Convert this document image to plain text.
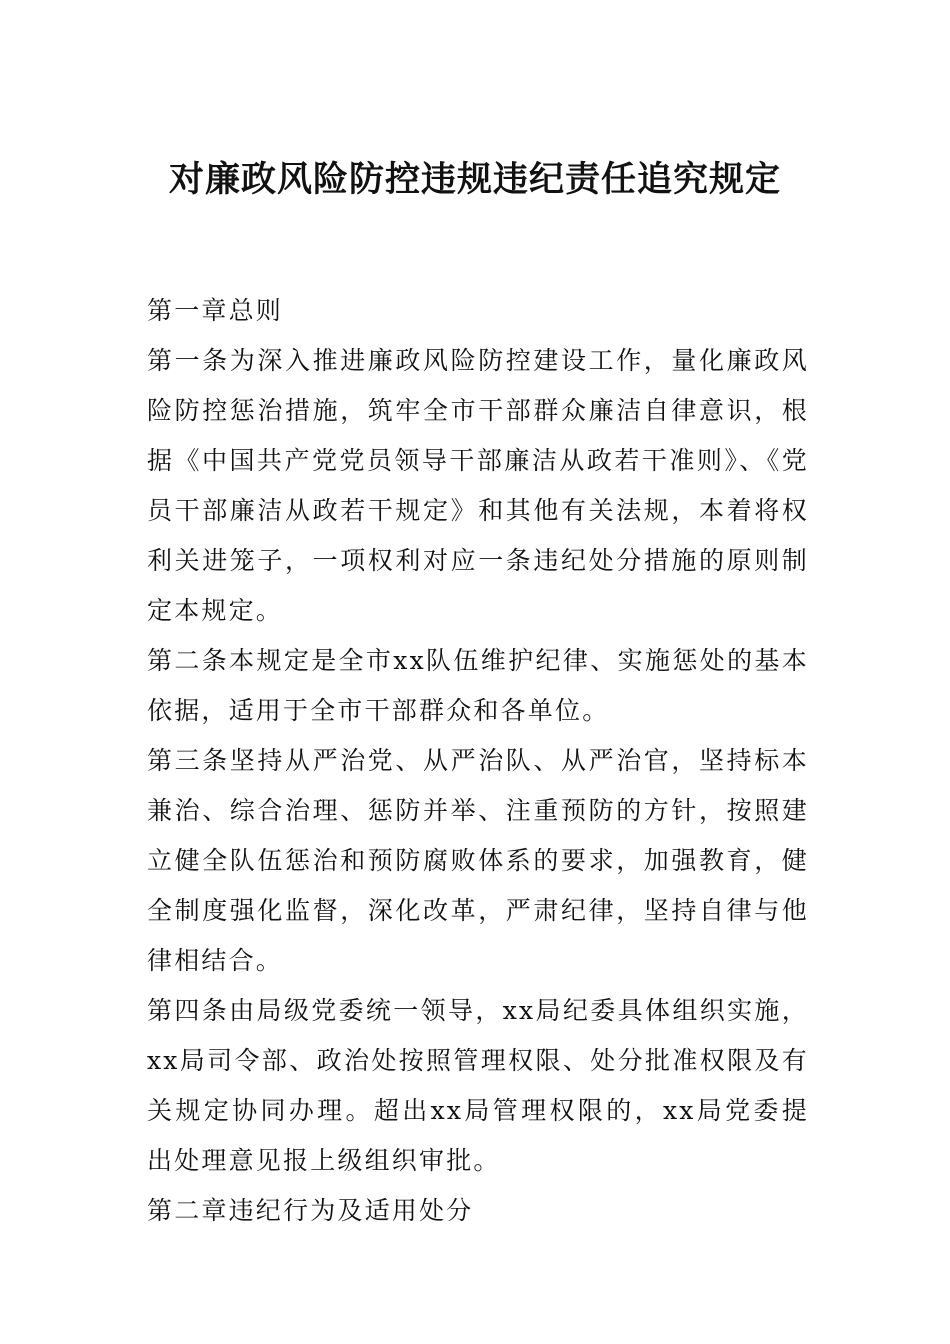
对廉政风险防控违规违纪责任追究规定

第一章总则

第一条为深入推进廉政风险防控建设工作，量化廉政风险防控惩治措施，筑牢全市干部群众廉洁自律意识，根据《中国共产党党员领导干部廉洁从政若干准则》、《党员干部廉洁从政若干规定》和其他有关法规，本着将权利关进笼子，一项权利对应一条违纪处分措施的原则制定本规定。

第二条本规定是全市xx队伍维护纪律、实施惩处的基本依据，适用于全市干部群众和各单位。

第三条坚持从严治党、从严治队、从严治官，坚持标本兼治、综合治理、惩防并举、注重预防的方针，按照建立健全队伍惩治和预防腐败体系的要求，加强教育，健全制度强化监督，深化改革，严肃纪律，坚持自律与他律相结合。

第四条由局级党委统一领导，xx局纪委具体组织实施，xx局司令部、政治处按照管理权限、处分批准权限及有关规定协同办理。超出xx局管理权限的，xx局党委提出处理意见报上级组织审批。

第二章违纪行为及适用处分
